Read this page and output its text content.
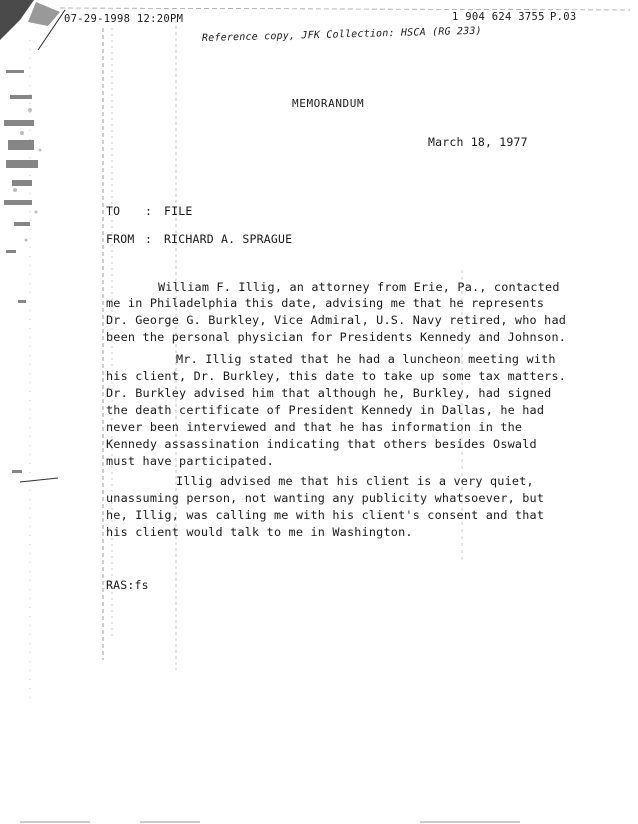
07-29-1998 12:20PM	1 904 624 3755 P.03
Reference copy, JFK Collection: HSCA (RG 233)
MEMORANDUM
March 18, 1977
TO : FILE
FROM : RICHARD A. SPRAGUE
William F. Illig, an attorney from Erie, Pa., contacted
me in Philadelphia this date, advising me that he represents
Dr. George G. Burkley, Vice Admiral, U.S. Navy retired, who had
been the personal physician for Presidents Kennedy and Johnson.
Mr. Illig stated that he had a luncheon meeting with
his client, Dr. Burkley, this date to take up some tax matters.
Dr. Burkley advised him that although he, Burkley, had signed
the death certificate of President Kennedy in Dallas, he had
never been interviewed and that he has information in the
Kennedy assassination indicating that others besides Oswald
must have participated.
Illig advised me that his client is a very quiet,
unassuming person, not wanting any publicity whatsoever, but
he, Illig, was calling me with his client's consent and that
his client would talk to me in Washington.
RAS:fs
